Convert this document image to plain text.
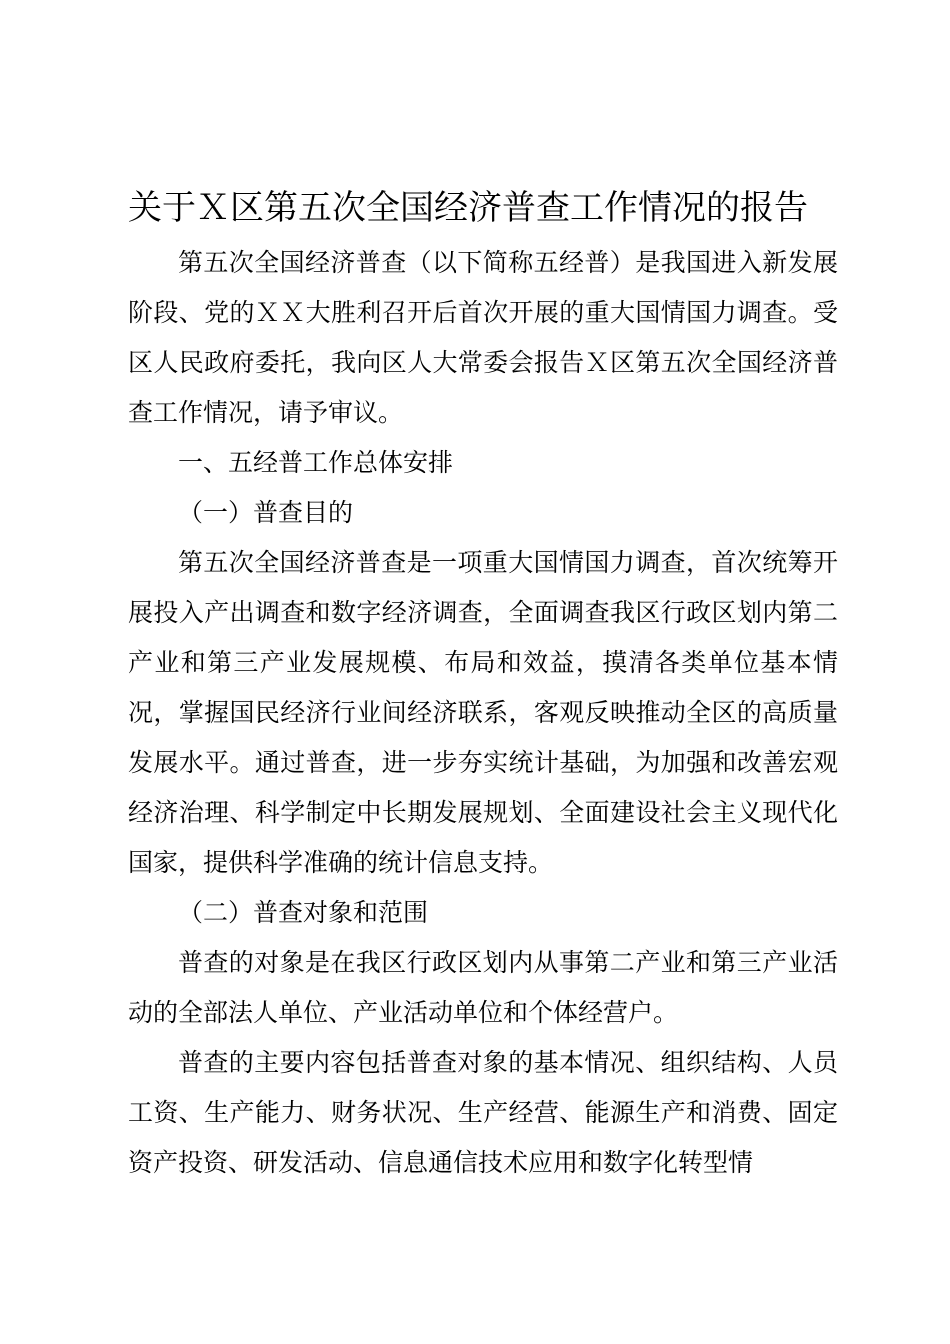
关于Ｘ区第五次全国经济普查工作情况的报告

第五次全国经济普查（以下简称五经普）是我国进入新发展阶段、党的ＸＸ大胜利召开后首次开展的重大国情国力调查。受区人民政府委托，我向区人大常委会报告Ｘ区第五次全国经济普查工作情况，请予审议。

一、五经普工作总体安排

（一）普查目的

第五次全国经济普查是一项重大国情国力调查，首次统筹开展投入产出调查和数字经济调查，全面调查我区行政区划内第二产业和第三产业发展规模、布局和效益，摸清各类单位基本情况，掌握国民经济行业间经济联系，客观反映推动全区的高质量发展水平。通过普查，进一步夯实统计基础，为加强和改善宏观经济治理、科学制定中长期发展规划、全面建设社会主义现代化国家，提供科学准确的统计信息支持。

（二）普查对象和范围

普查的对象是在我区行政区划内从事第二产业和第三产业活动的全部法人单位、产业活动单位和个体经营户。

普查的主要内容包括普查对象的基本情况、组织结构、人员工资、生产能力、财务状况、生产经营、能源生产和消费、固定资产投资、研发活动、信息通信技术应用和数字化转型情
